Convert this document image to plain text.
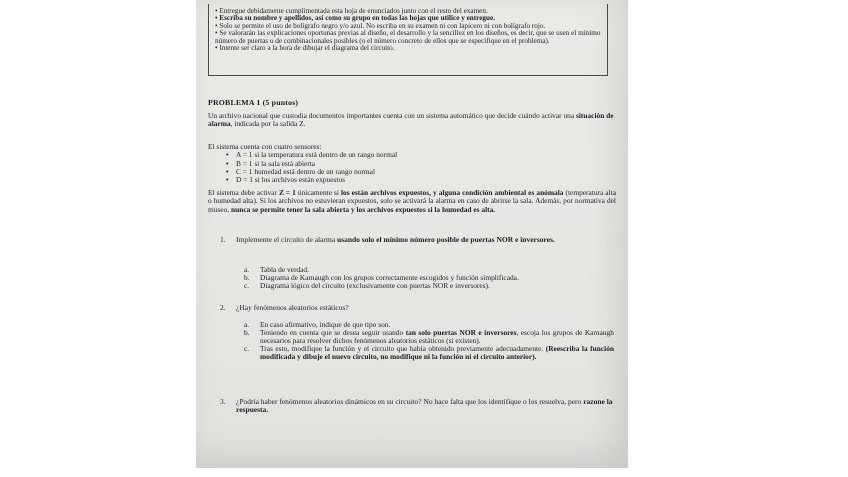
• Entregue debidamente cumplimentada esta hoja de enunciados junto con el resto del examen.

• Escriba su nombre y apellidos, así como su grupo en todas las hojas que utilice y entregue.

• Solo se permite el uso de bolígrafo negro y/o azul. No escriba en su examen ni con lapicero ni con bolígrafo rojo.

• Se valorarán las explicaciones oportunas previas al diseño, el desarrollo y la sencillez en los diseños, es decir, que se usen el mínimo número de puertas o de combinacionales posibles (o el número concreto de ellos que se especifique en el problema).

• Intente ser claro a la hora de dibujar el diagrama del circuito.

PROBLEMA 1 (5 puntos)
Un archivo nacional que custodia documentos importantes cuenta con un sistema automático que decide cuándo activar una situación de alarma, indicada por la salida Z.
El sistema cuenta con cuatro sensores:
• A = 1 si la temperatura está dentro de un rango normal
• B = 1 si la sala está abierta
• C = 1 humedad está dentro de un rango normal
• D = 1 si los archivos están expuestos
El sistema debe activar Z = 1 únicamente si los están archivos expuestos, y alguna condición ambiental es anómala (temperatura alta o humedad alta). Si los archivos no estuvieran expuestos, solo se activará la alarma en caso de abrirse la sala. Además, por normativa del museo, nunca se permite tener la sala abierta y los archivos expuestos si la humedad es alta.
1. Implemente el circuito de alarma usando solo el mínimo número posible de puertas NOR e inversores.
a. Tabla de verdad.
b. Diagrama de Karnaugh con los grupos correctamente escogidos y función simplificada.
c. Diagrama lógico del circuito (exclusivamente con puertas NOR e inversores).
2. ¿Hay fenómenos aleatorios estáticos?
a. En caso afirmativo, indique de que tipo son.
b. Teniendo en cuenta que se desea seguir usando tan solo puertas NOR e inversores, escoja los grupos de Karnaugh necesarios para resolver dichos fenómenos aleatorios estáticos (si existen).
c. Tras esto, modifique la función y el circuito que había obtenido previamente adecuadamente. (Reescriba la función modificada y dibuje el nuevo circuito, no modifique ni la función ni el circuito anterior).
3. ¿Podría haber fenómenos aleatorios dinámicos en su circuito? No hace falta que los identifique o los resuelva, pero razone la respuesta.
